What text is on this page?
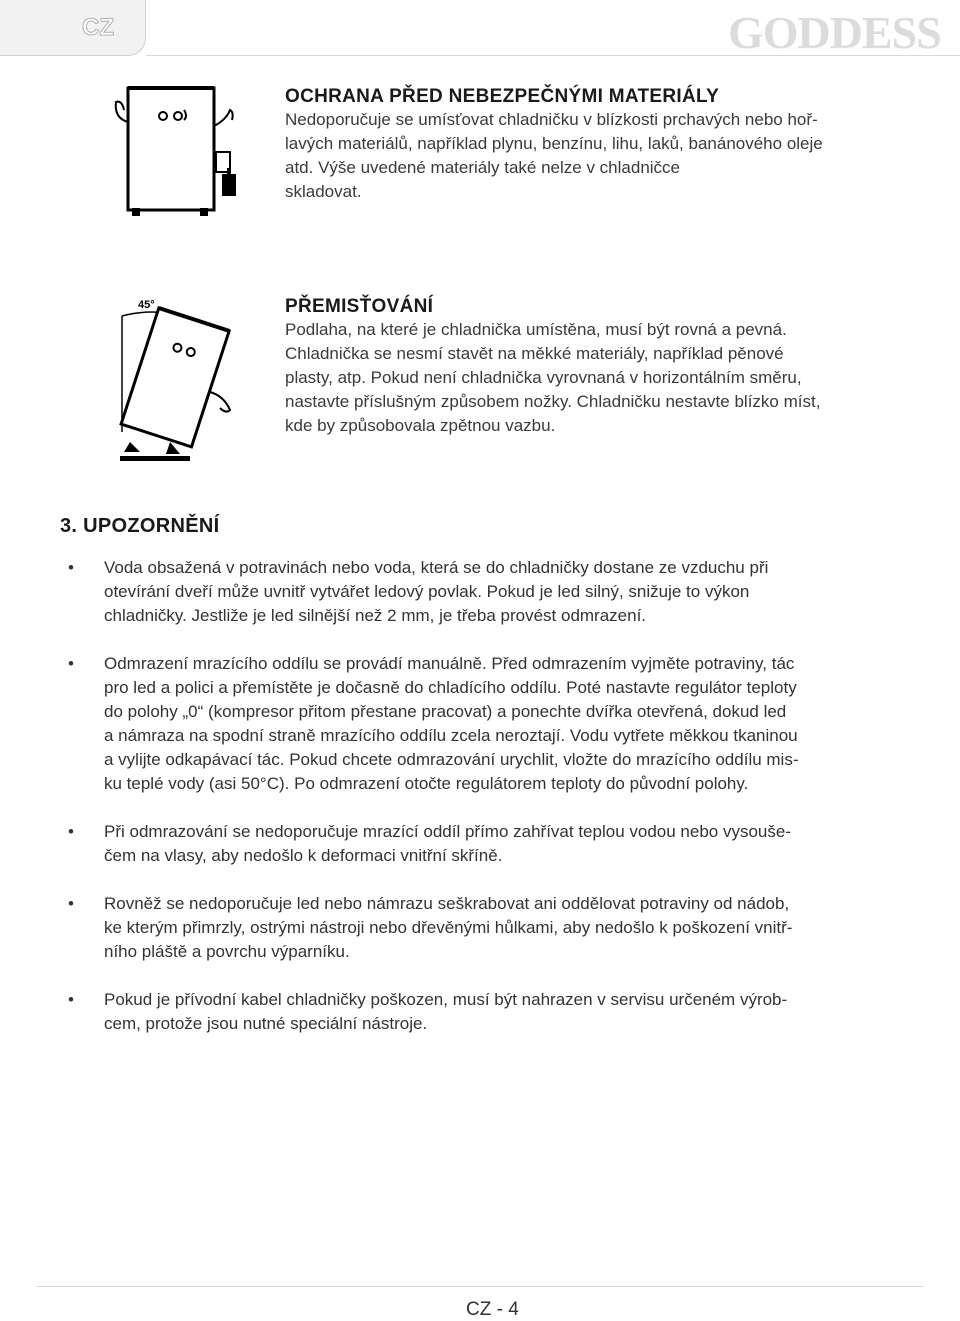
CZ	GODDESS
45°
OCHRANA PŘED NEBEZPEČNÝMI MATERIÁLY
Nedoporučuje se umísťovat chladničku v blízkosti prchavých nebo hoř-
lavých materiálů, například plynu, benzínu, lihu, laků, banánového oleje
atd. Výše uvedené materiály také nelze v chladničce
skladovat.
PŘEMISŤOVÁNÍ
Podlaha, na které je chladnička umístěna, musí být rovná a pevná.
Chladnička se nesmí stavět na měkké materiály, například pěnové
plasty, atp. Pokud není chladnička vyrovnaná v horizontálním směru,
nastavte příslušným způsobem nožky. Chladničku nestavte blízko míst,
kde by způsobovala zpětnou vazbu.
3. UPOZORNĚNÍ
• Voda obsažená v potravinách nebo voda, která se do chladničky dostane ze vzduchu při
otevírání dveří může uvnitř vytvářet ledový povlak. Pokud je led silný, snižuje to výkon
chladničky. Jestliže je led silnější než 2 mm, je třeba provést odmrazení.
• Odmrazení mrazícího oddílu se provádí manuálně. Před odmrazením vyjměte potraviny, tác
pro led a polici a přemístěte je dočasně do chladícího oddílu. Poté nastavte regulátor teploty
do polohy „0“ (kompresor přitom přestane pracovat) a ponechte dvířka otevřená, dokud led
a námraza na spodní straně mrazícího oddílu zcela neroztají. Vodu vytřete měkkou tkaninou
a vylijte odkapávací tác. Pokud chcete odmrazování urychlit, vložte do mrazícího oddílu mis-
ku teplé vody (asi 50°C). Po odmrazení otočte regulátorem teploty do původní polohy.
• Při odmrazování se nedoporučuje mrazící oddíl přímo zahřívat teplou vodou nebo vysouše-
čem na vlasy, aby nedošlo k deformaci vnitřní skříně.
• Rovněž se nedoporučuje led nebo námrazu seškrabovat ani oddělovat potraviny od nádob,
ke kterým přimrzly, ostrými nástroji nebo dřevěnými hůlkami, aby nedošlo k poškození vnitř-
ního pláště a povrchu výparníku.
• Pokud je přívodní kabel chladničky poškozen, musí být nahrazen v servisu určeném výrob-
cem, protože jsou nutné speciální nástroje.
CZ - 4
